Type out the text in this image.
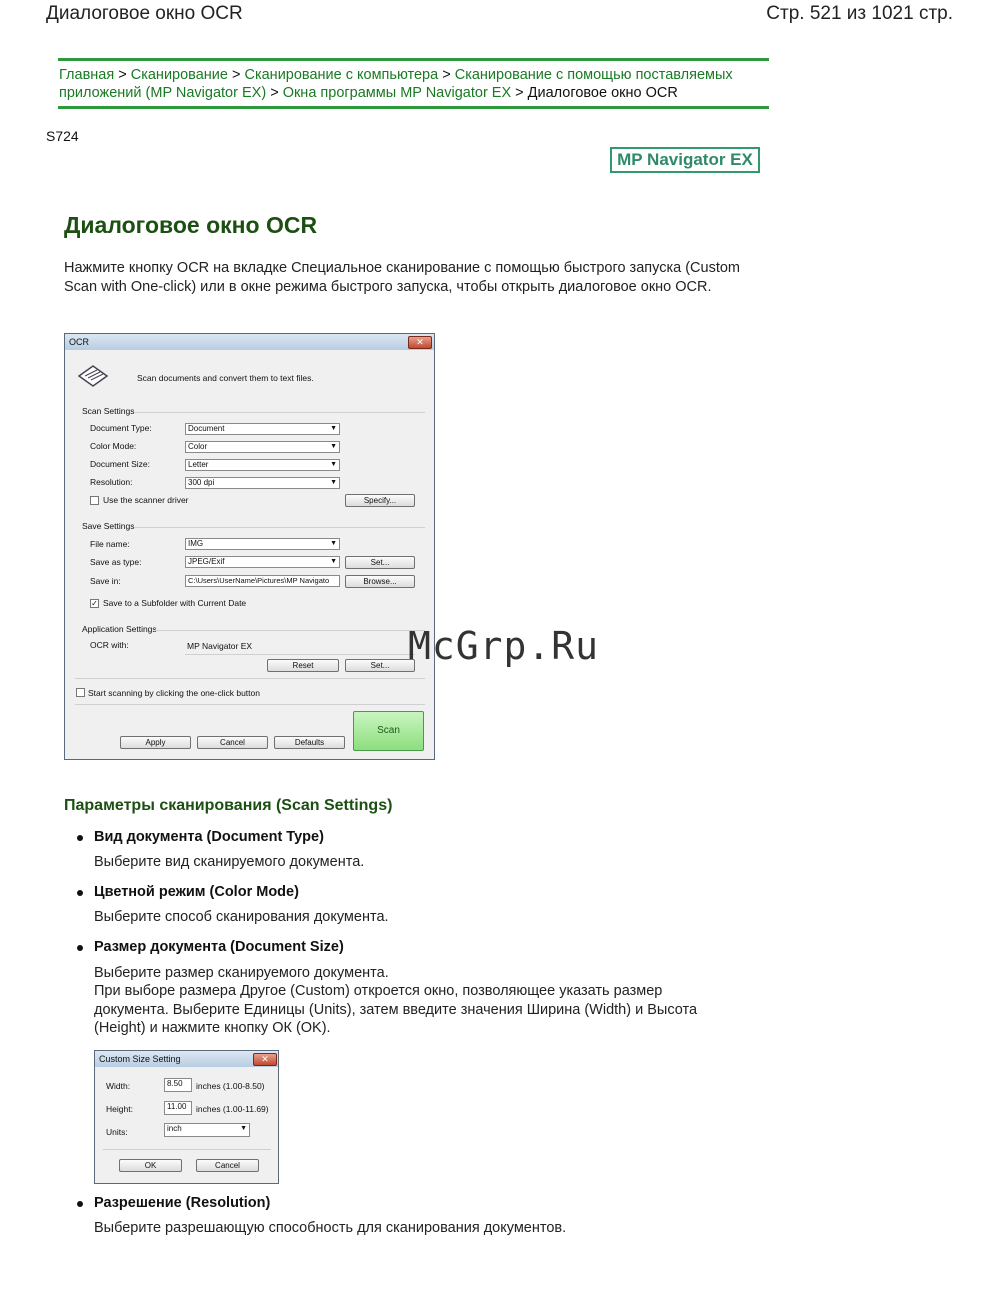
Диалоговое окно OCR	Стр. 521 из 1021 стр.
Главная > Сканирование > Сканирование с компьютера > Сканирование с помощью поставляемых приложений (MP Navigator EX) > Окна программы MP Navigator EX > Диалоговое окно OCR
S724
MP Navigator EX
Диалоговое окно OCR
Нажмите кнопку OCR на вкладке Специальное сканирование с помощью быстрого запуска (Custom Scan with One-click) или в окне режима быстрого запуска, чтобы открыть диалоговое окно OCR.
OCR	✕
Scan documents and convert them to text files.
Scan Settings
Document Type:	Document	▼
Color Mode:	Color	▼
Document Size:	Letter	▼
Resolution:	300 dpi	▼
Use the scanner driver	Specify...
Save Settings
File name:	IMG	▼
Save as type:	JPEG/Exif	▼	Set...
Save in:	C:\Users\UserName\Pictures\MP Navigato	Browse...
✓ Save to a Subfolder with Current Date
Application Settings
OCR with:	MP Navigator EX
Reset	Set...
Start scanning by clicking the one-click button
Scan
Apply	Cancel	Defaults
McGrp.Ru
Параметры сканирования (Scan Settings)
Вид документа (Document Type)
Выберите вид сканируемого документа.
Цветной режим (Color Mode)
Выберите способ сканирования документа.
Размер документа (Document Size)
Выберите размер сканируемого документа.
При выборе размера Другое (Custom) откроется окно, позволяющее указать размер документа. Выберите Единицы (Units), затем введите значения Ширина (Width) и Высота (Height) и нажмите кнопку ОК (OK).
Custom Size Setting	✕
Width:	8.50	inches (1.00-8.50)
Height:	11.00	inches (1.00-11.69)
Units:	inch	▼
OK	Cancel
Разрешение (Resolution)
Выберите разрешающую способность для сканирования документов.
